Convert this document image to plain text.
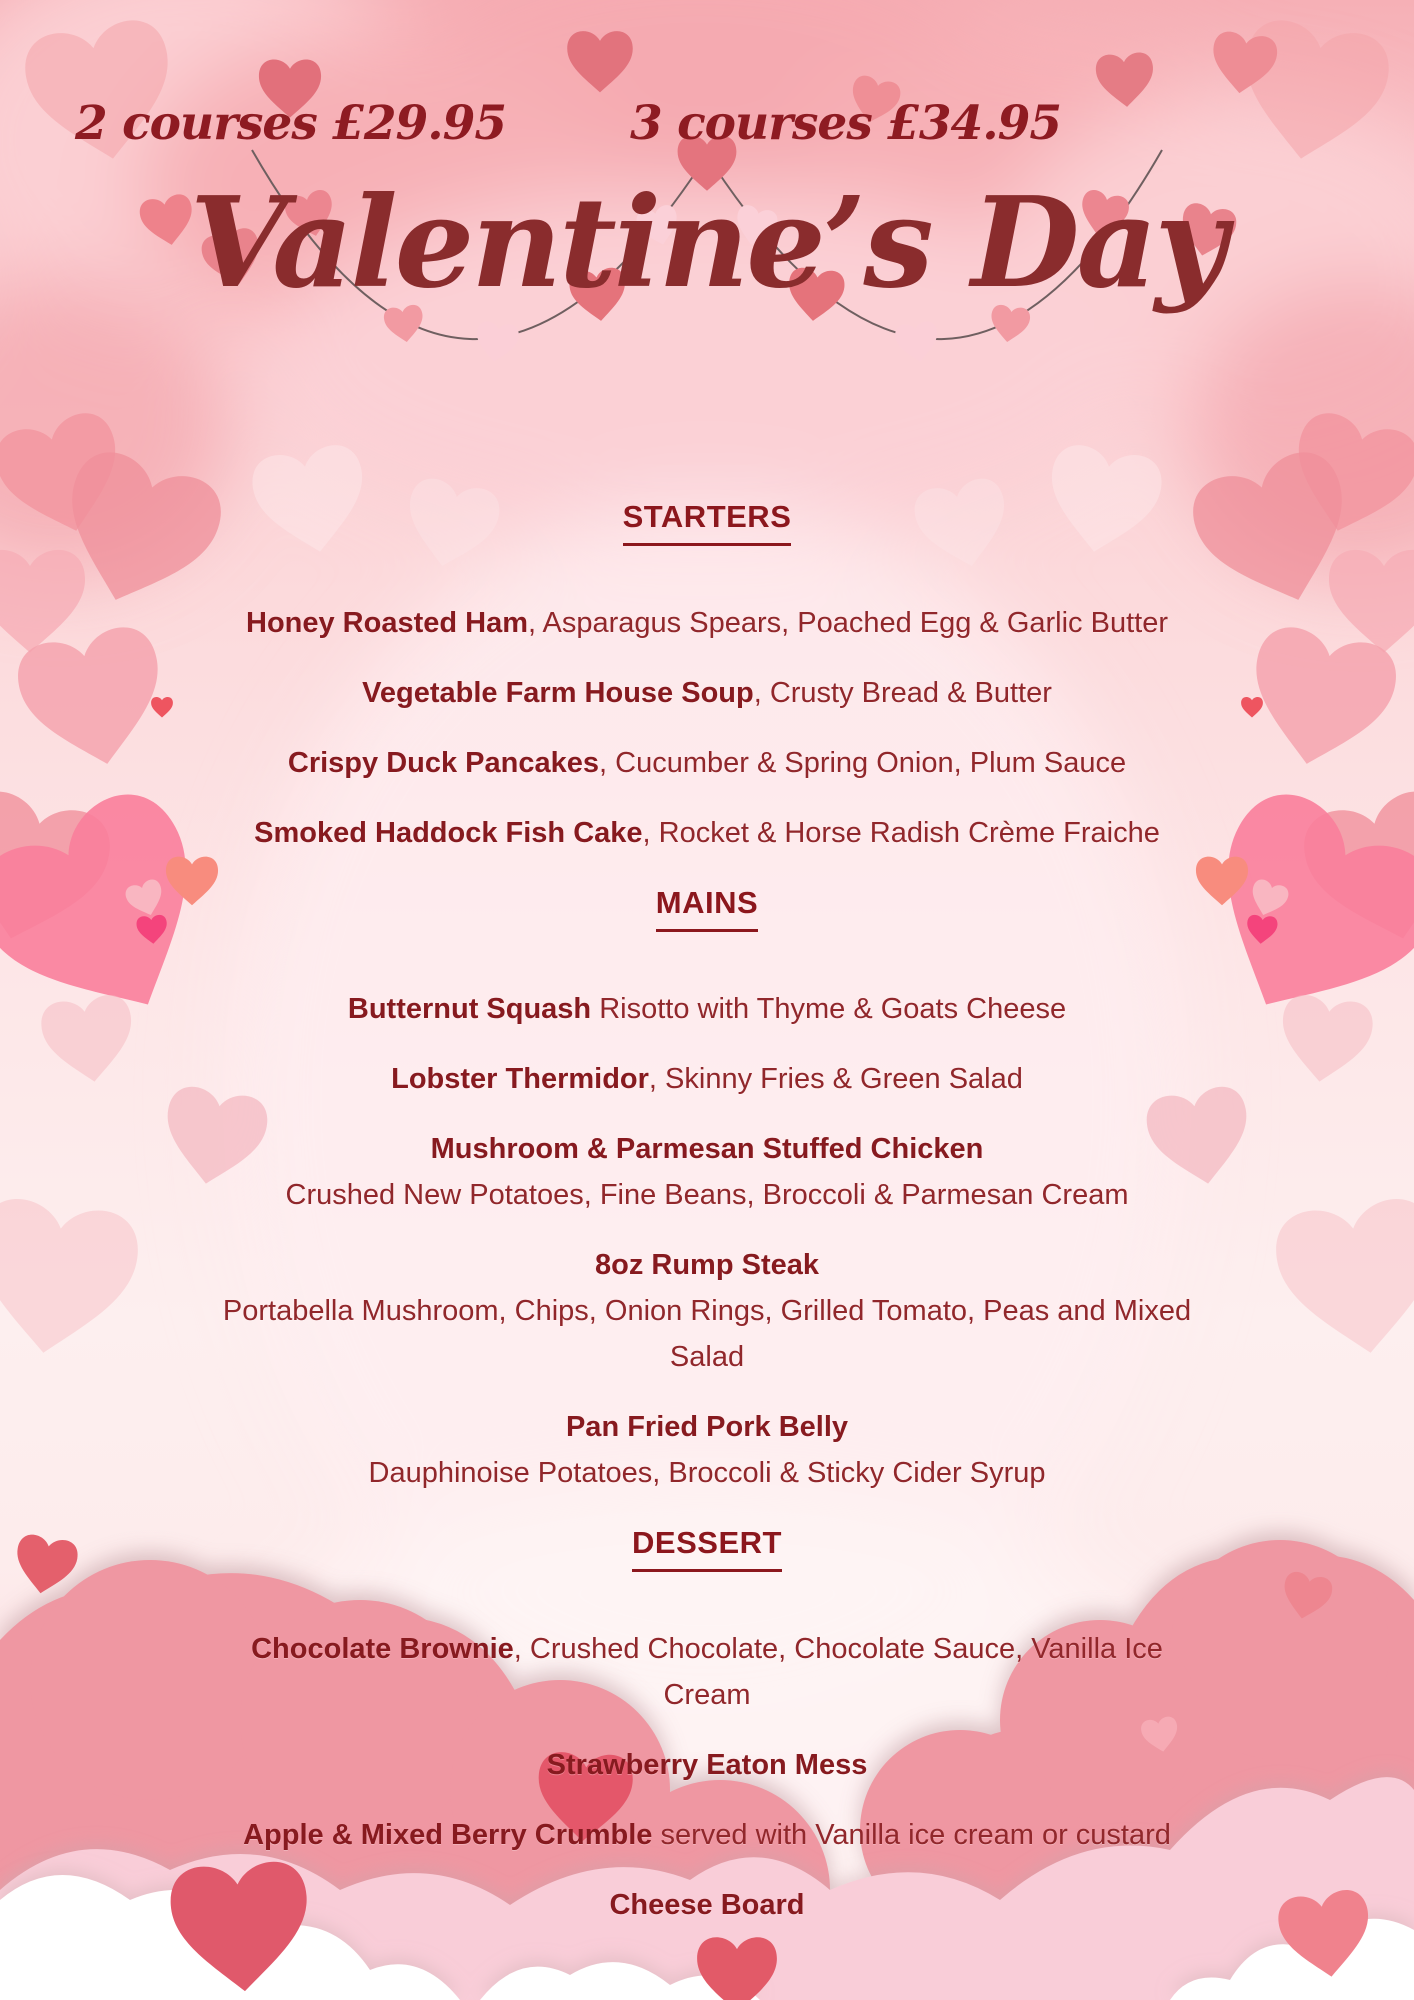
2 courses £29.95	3 courses £34.95
Valentine’s Day
STARTERS

Honey Roasted Ham, Asparagus Spears, Poached Egg & Garlic Butter

Vegetable Farm House Soup, Crusty Bread & Butter

Crispy Duck Pancakes, Cucumber & Spring Onion, Plum Sauce

Smoked Haddock Fish Cake, Rocket & Horse Radish Crème Fraiche

MAINS

Butternut Squash Risotto with Thyme & Goats Cheese

Lobster Thermidor, Skinny Fries & Green Salad

Mushroom & Parmesan Stuffed Chicken
Crushed New Potatoes, Fine Beans, Broccoli & Parmesan Cream

8oz Rump Steak
Portabella Mushroom, Chips, Onion Rings, Grilled Tomato, Peas and Mixed Salad

Pan Fried Pork Belly
Dauphinoise Potatoes, Broccoli & Sticky Cider Syrup

DESSERT

Chocolate Brownie, Crushed Chocolate, Chocolate Sauce, Vanilla Ice Cream

Strawberry Eaton Mess

Apple & Mixed Berry Crumble served with Vanilla ice cream or custard

Cheese Board
